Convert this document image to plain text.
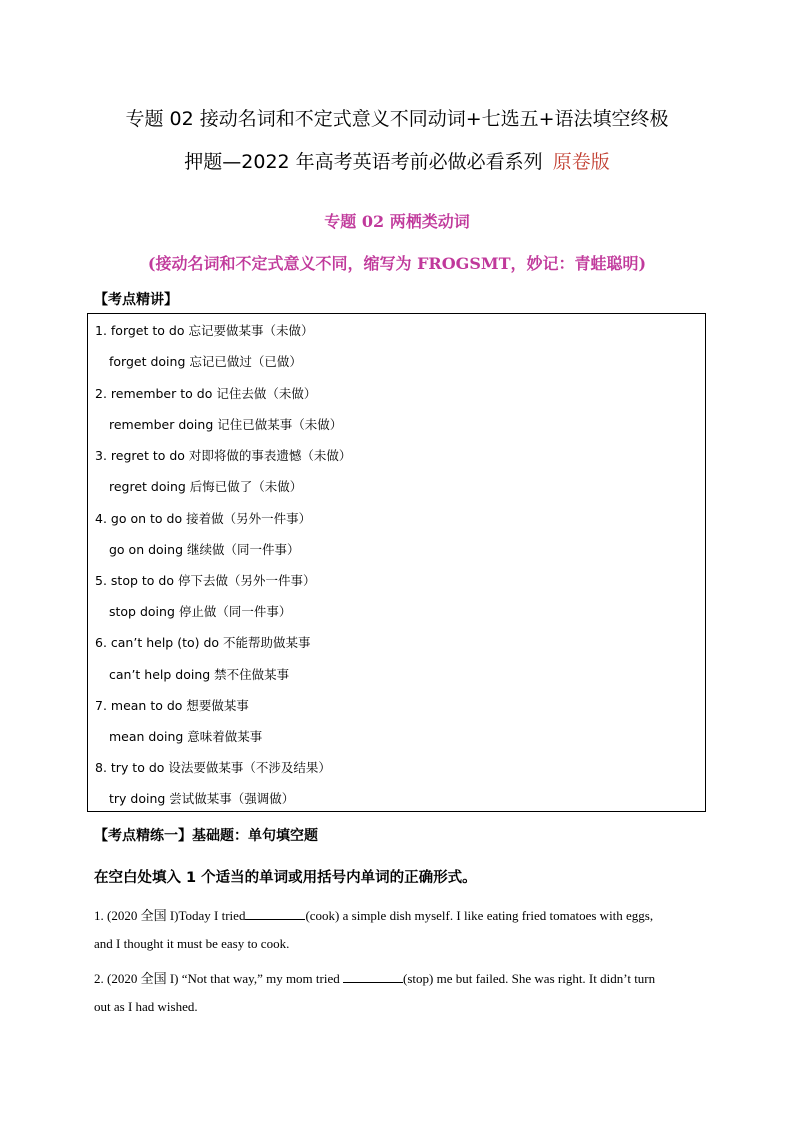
专题 02 接动名词和不定式意义不同动词+七选五+语法填空终极
押题—2022 年高考英语考前必做必看系列 原卷版
专题 02 两栖类动词
(接动名词和不定式意义不同，缩写为 FROGSMT，妙记：青蛙聪明)
【考点精讲】
1. forget to do 忘记要做某事（未做）
forget doing 忘记已做过（已做）
2. remember to do 记住去做（未做）
remember doing 记住已做某事（未做）
3. regret to do 对即将做的事表遗憾（未做）
regret doing 后悔已做了（未做）
4. go on to do 接着做（另外一件事）
go on doing 继续做（同一件事）
5. stop to do 停下去做（另外一件事）
stop doing 停止做（同一件事）
6. can’t help (to) do 不能帮助做某事
can’t help doing 禁不住做某事
7. mean to do 想要做某事
mean doing 意味着做某事
8. try to do 设法要做某事（不涉及结果）
try doing 尝试做某事（强调做）
【考点精练一】基础题：单句填空题
在空白处填入 1 个适当的单词或用括号内单词的正确形式。
1. (2020 全国 I)Today I tried	(cook) a simple dish myself. I like eating fried tomatoes with eggs,
and I thought it must be easy to cook.
2. (2020 全国 I) “Not that way,” my mom tried	(stop) me but failed. She was right. It didn’t turn
out as I had wished.
